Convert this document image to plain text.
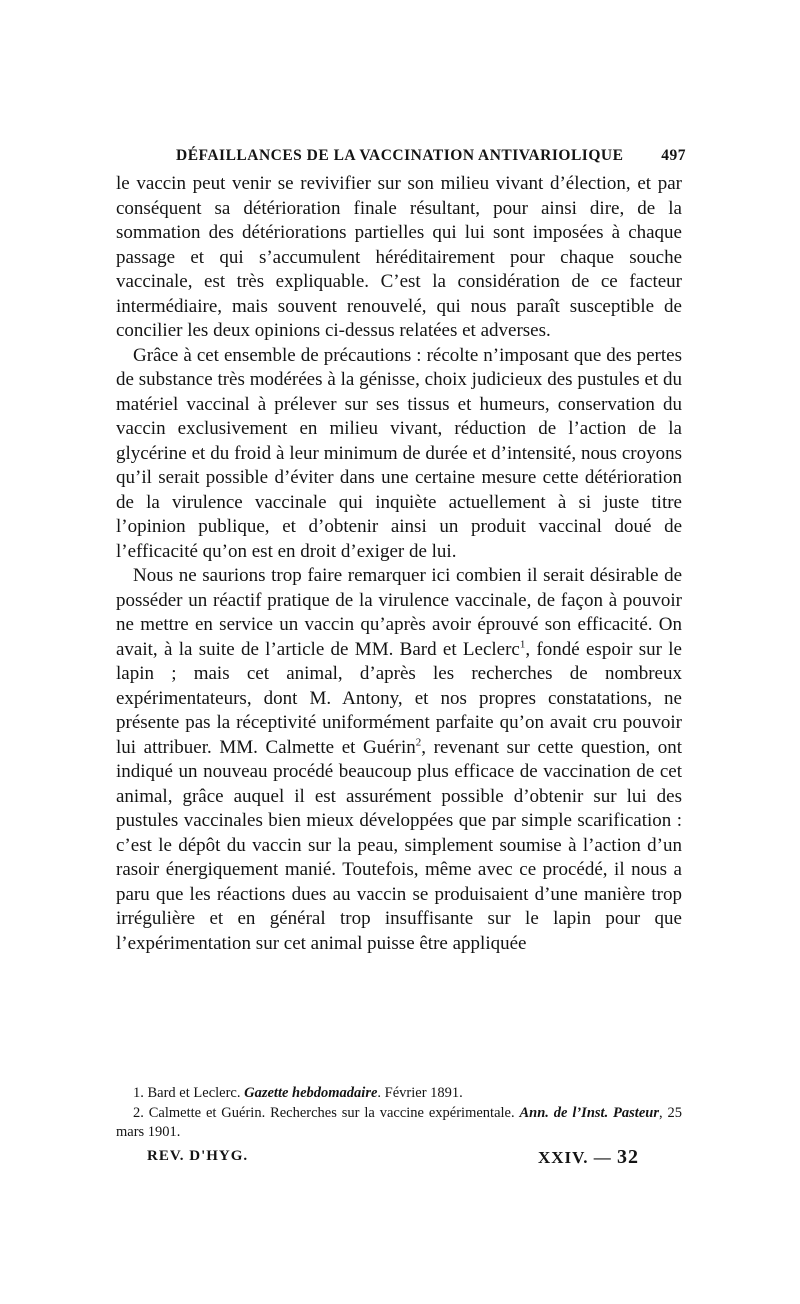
DÉFAILLANCES DE LA VACCINATION ANTIVARIOLIQUE 497

le vaccin peut venir se revivifier sur son milieu vivant d’élection, et par conséquent sa détérioration finale résultant, pour ainsi dire, de la sommation des détériorations partielles qui lui sont imposées à chaque passage et qui s’accumulent héréditairement pour chaque souche vaccinale, est très expliquable. C’est la considération de ce facteur intermédiaire, mais souvent renouvelé, qui nous paraît susceptible de concilier les deux opinions ci-dessus relatées et adverses.

Grâce à cet ensemble de précautions : récolte n’imposant que des pertes de substance très modérées à la génisse, choix judicieux des pustules et du matériel vaccinal à prélever sur ses tissus et humeurs, conservation du vaccin exclusivement en milieu vivant, réduction de l’action de la glycérine et du froid à leur minimum de durée et d’intensité, nous croyons qu’il serait possible d’éviter dans une certaine mesure cette détérioration de la virulence vaccinale qui inquiète actuellement à si juste titre l’opinion publique, et d’obtenir ainsi un produit vaccinal doué de l’efficacité qu’on est en droit d’exiger de lui.

Nous ne saurions trop faire remarquer ici combien il serait désirable de posséder un réactif pratique de la virulence vaccinale, de façon à pouvoir ne mettre en service un vaccin qu’après avoir éprouvé son efficacité. On avait, à la suite de l’article de MM. Bard et Leclerc$^1$, fondé espoir sur le lapin ; mais cet animal, d’après les recherches de nombreux expérimentateurs, dont M. Antony, et nos propres constatations, ne présente pas la réceptivité uniformément parfaite qu’on avait cru pouvoir lui attribuer. MM. Calmette et Guérin$^2$, revenant sur cette question, ont indiqué un nouveau procédé beaucoup plus efficace de vaccination de cet animal, grâce auquel il est assurément possible d’obtenir sur lui des pustules vaccinales bien mieux développées que par simple scarification : c’est le dépôt du vaccin sur la peau, simplement soumise à l’action d’un rasoir énergiquement manié. Toutefois, même avec ce procédé, il nous a paru que les réactions dues au vaccin se produisaient d’une manière trop irrégulière et en général trop insuffisante sur le lapin pour que l’expérimentation sur cet animal puisse être appliquée

1. Bard et Leclerc. Gazette hebdomadaire. Février 1891.

2. Calmette et Guérin. Recherches sur la vaccine expérimentale. Ann. de l’Inst. Pasteur, 25 mars 1901.

REV. D'HYG.	XXIV. — 32
